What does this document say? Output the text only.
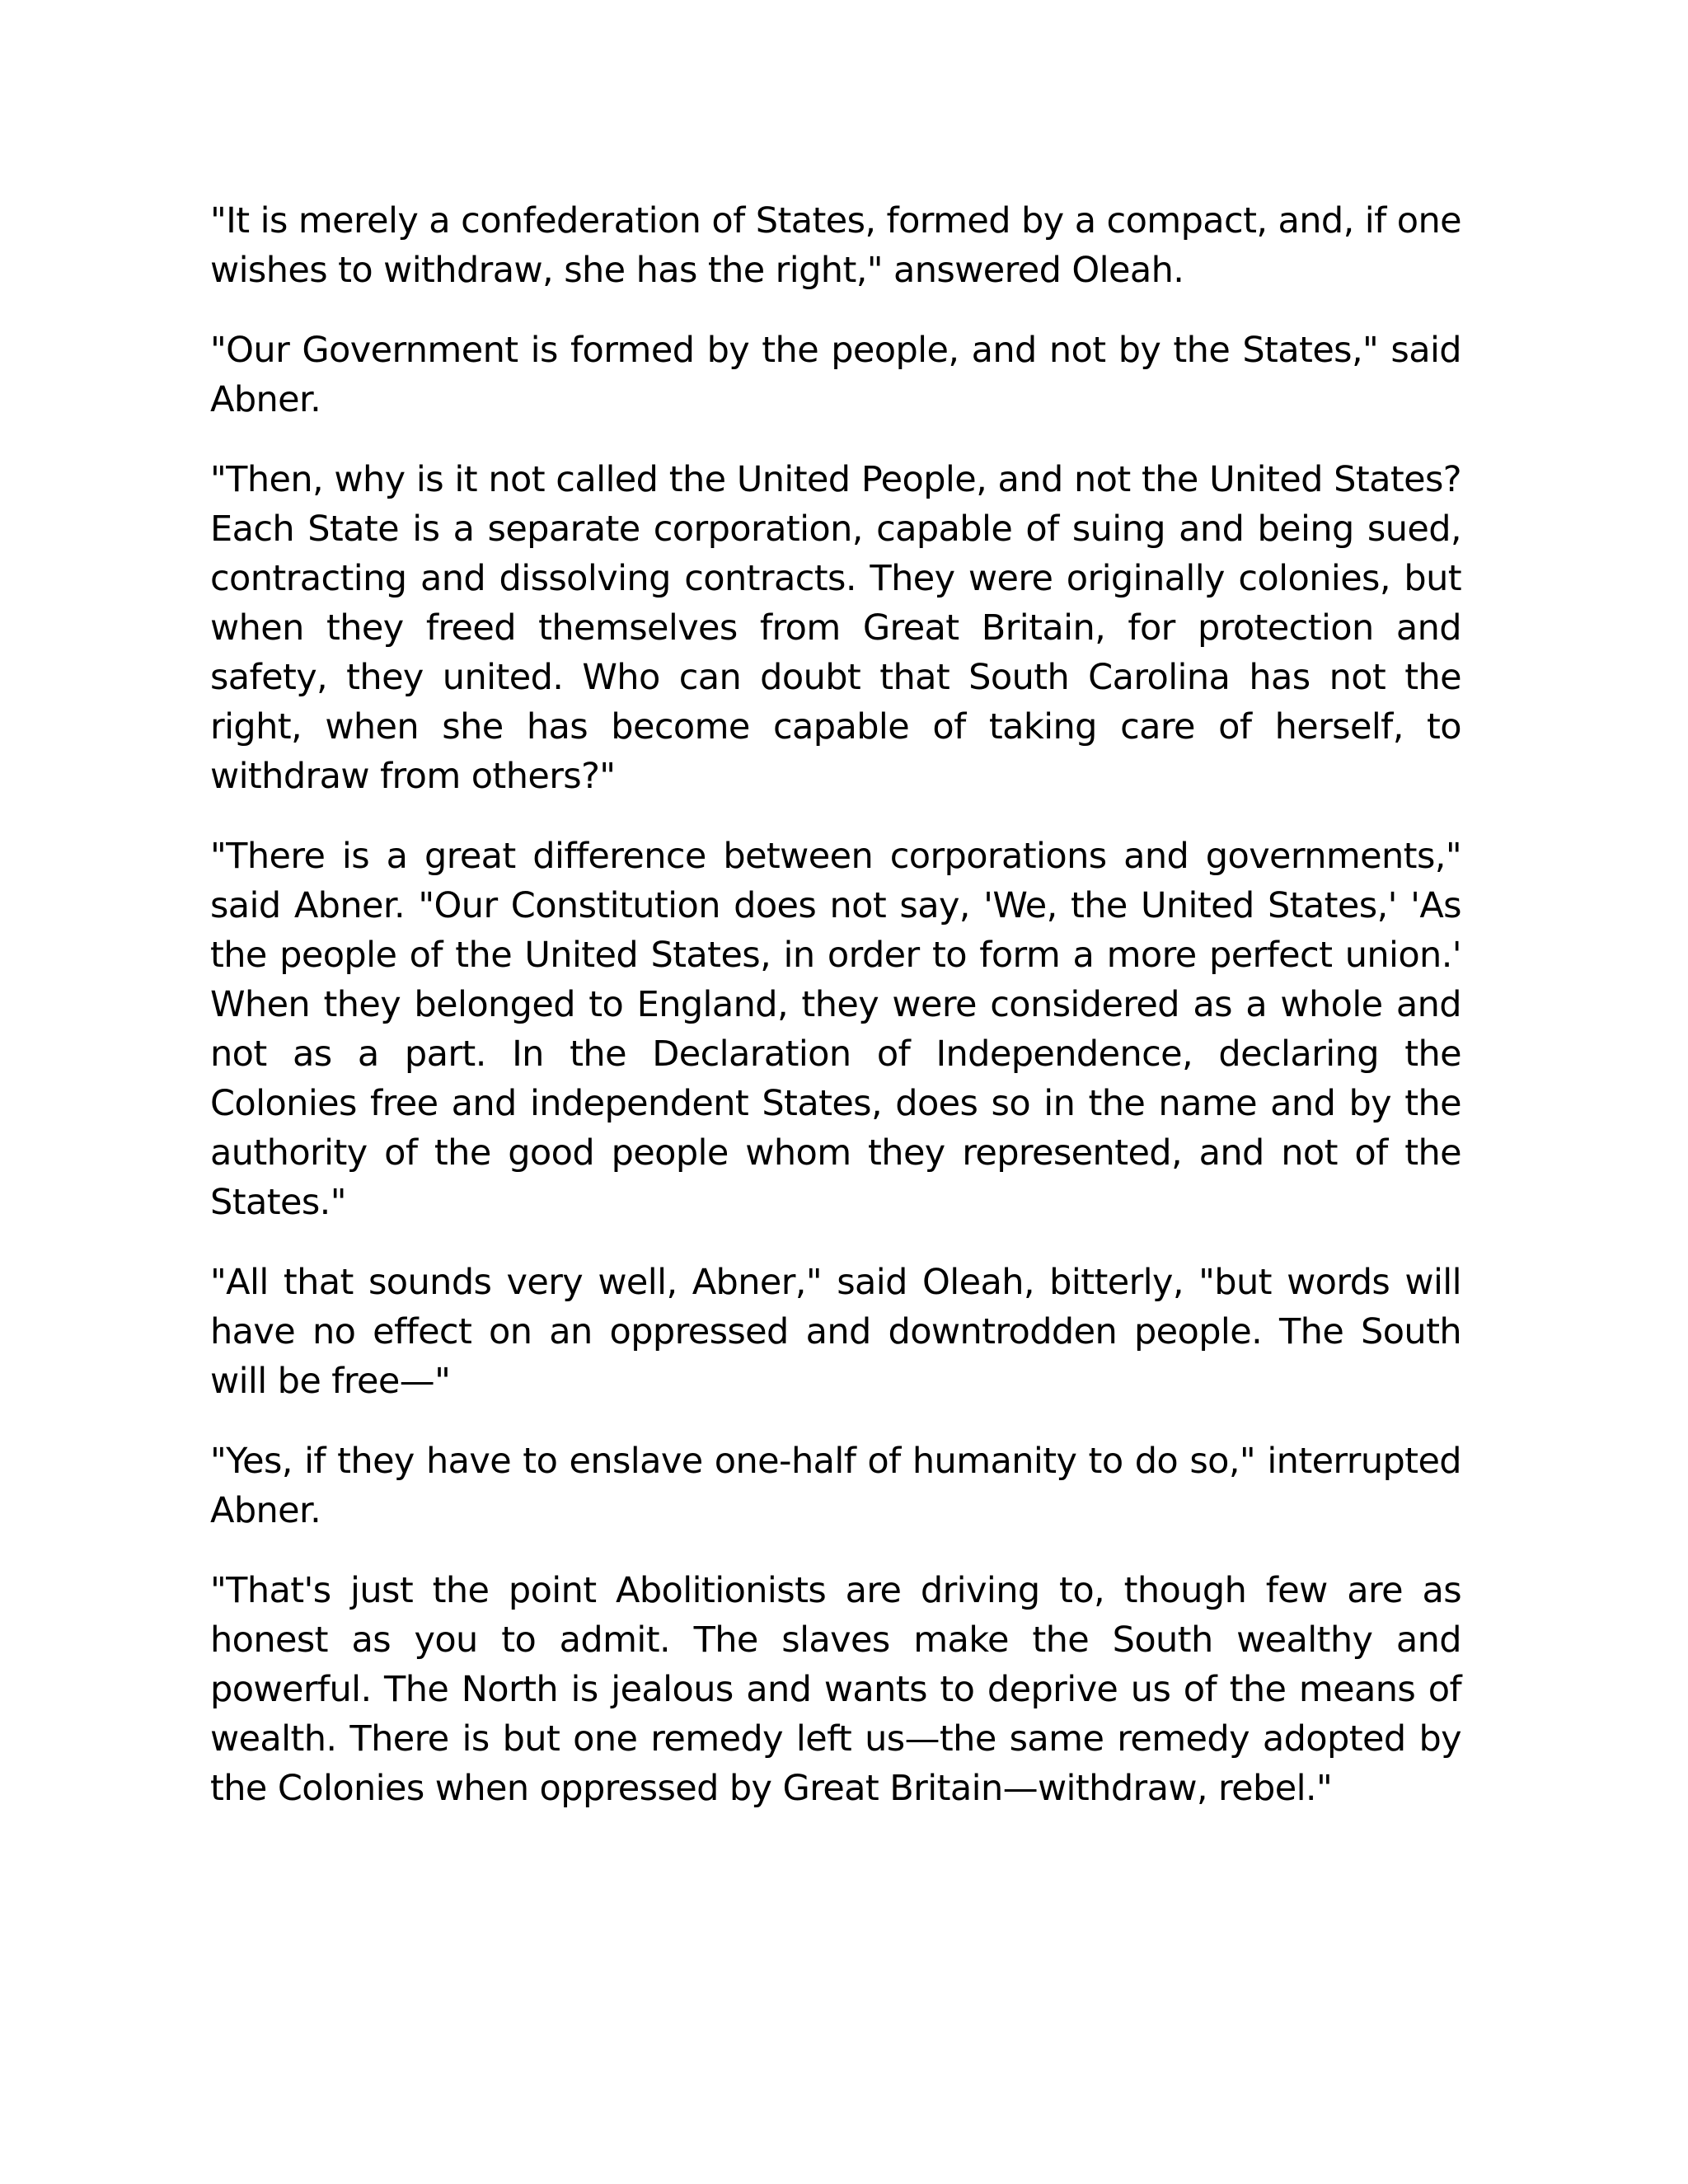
"It is merely a confederation of States, formed by a compact, and, if one wishes to withdraw, she has the right," answered Oleah.

"Our Government is formed by the people, and not by the States," said Abner.

"Then, why is it not called the United People, and not the United States? Each State is a separate corporation, capable of suing and being sued, contracting and dissolving contracts. They were originally colonies, but when they freed themselves from Great Britain, for protection and safety, they united. Who can doubt that South Carolina has not the right, when she has become capable of taking care of herself, to withdraw from others?"

"There is a great difference between corporations and governments," said Abner. "Our Constitution does not say, 'We, the United States,' 'As the people of the United States, in order to form a more perfect union.' When they belonged to England, they were considered as a whole and not as a part. In the Declaration of Independence, declaring the Colonies free and independent States, does so in the name and by the authority of the good people whom they represented, and not of the States."

"All that sounds very well, Abner," said Oleah, bitterly, "but words will have no effect on an oppressed and downtrodden people. The South will be free—"

"Yes, if they have to enslave one-half of humanity to do so," interrupted Abner.

"That's just the point Abolitionists are driving to, though few are as honest as you to admit. The slaves make the South wealthy and powerful. The North is jealous and wants to deprive us of the means of wealth. There is but one remedy left us—the same remedy adopted by the Colonies when oppressed by Great Britain—withdraw, rebel."
